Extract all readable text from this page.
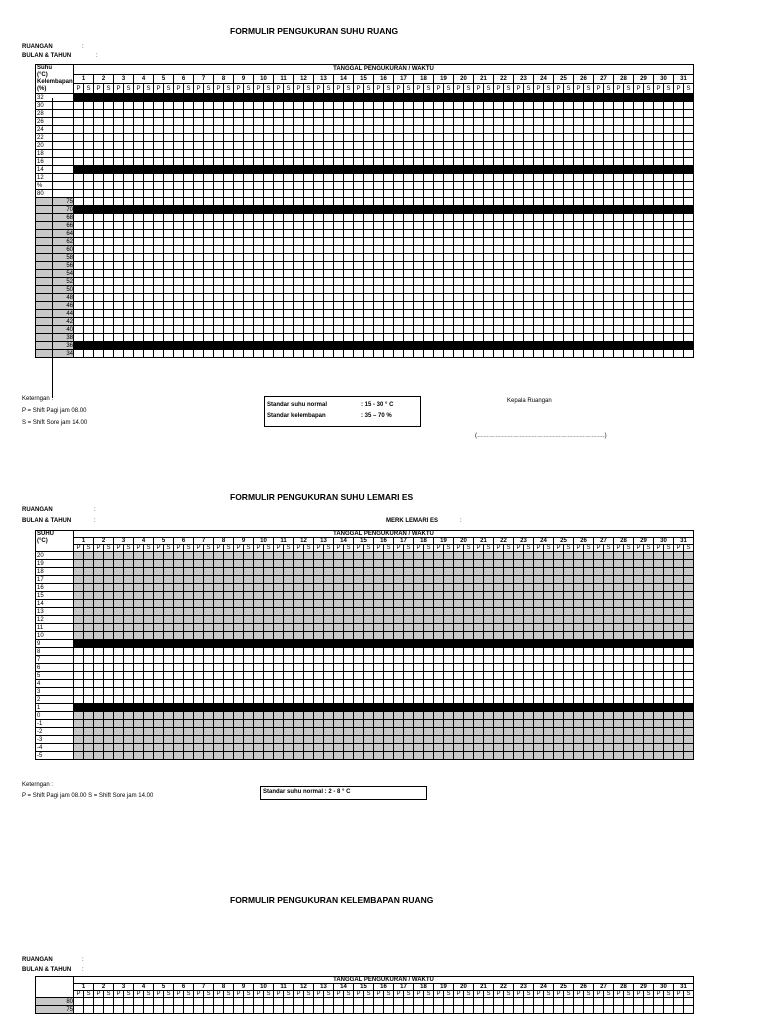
FORMULIR PENGUKURAN SUHU RUANG
RUANGAN	:
BULAN & TAHUN	:
Suhu
(°C)
Kelembapan
(%)	TANGGAL PENGUKURAN / WAKTU																																																													
	1		2		3		4		5		6		7		8		9		10		11		12		13		14		15		16		17		18		19		20		21		22		23		24		25		26		27		28		29		30		31	
	P	S	P	S	P	S	P	S	P	S	P	S	P	S	P	S	P	S	P	S	P	S	P	S	P	S	P	S	P	S	P	S	P	S	P	S	P	S	P	S	P	S	P	S	P	S	P	S	P	S	P	S	P	S	P	S	P	S	P	S	P	S
32																																																														
30																																																														
28																																																														
26																																																														
24																																																														
22																																																														
20																																																														
18																																																														
16																																																														
14																																																														
12																																																														
%																																																														
80																																																														
75																																																														
70																																																														
68																																																														
66																																																														
64																																																														
62																																																														
60																																																														
58																																																														
56																																																														
54																																																														
52																																																														
50																																																														
48																																																														
46																																																														
44																																																														
42																																																														
40																																																														
38																																																														
36																																																														
34																																																														
Keterngan :
P = Shift Pagi jam 08.00
S = Shift Sore jam 14.00
Standar suhu normal	: 15 - 30 ° C
Standar kelembapan	: 35 – 70 %
Kepala Ruangan
(……………………………………………………….)
FORMULIR PENGUKURAN SUHU LEMARI ES
RUANGAN	:
BULAN & TAHUN	:	MERK LEMARI ES	:
SUHU
(°C)	TANGGAL PENGUKURAN / WAKTU																																																													
	1		2		3		4		5		6		7		8		9		10		11		12		13		14		15		16		17		18		19		20		21		22		23		24		25		26		27		28		29		30		31	
	P	S	P	S	P	S	P	S	P	S	P	S	P	S	P	S	P	S	P	S	P	S	P	S	P	S	P	S	P	S	P	S	P	S	P	S	P	S	P	S	P	S	P	S	P	S	P	S	P	S	P	S	P	S	P	S	P	S	P	S	P	S
20																																																														
19																																																														
18																																																														
17																																																														
16																																																														
15																																																														
14																																																														
13																																																														
12																																																														
11																																																														
10																																																														
9																																																														
8																																																														
7																																																														
6																																																														
5																																																														
4																																																														
3																																																														
2																																																														
1																																																														
0																																																														
-1																																																														
-2																																																														
-3																																																														
-4																																																														
-5																																																														
Keterngan :
P = Shift Pagi jam 08.00 S = Shift Sore jam 14.00
Standar suhu normal : 2 - 8 ° C
FORMULIR PENGUKURAN KELEMBAPAN RUANG
RUANGAN	:
BULAN & TAHUN :
	TANGGAL PENGUKURAN / WAKTU																																																													
	1		2		3		4		5		6		7		8		9		10		11		12		13		14		15		16		17		18		19		20		21		22		23		24		25		26		27		28		29		30		31	
	P	S	P	S	P	S	P	S	P	S	P	S	P	S	P	S	P	S	P	S	P	S	P	S	P	S	P	S	P	S	P	S	P	S	P	S	P	S	P	S	P	S	P	S	P	S	P	S	P	S	P	S	P	S	P	S	P	S	P	S	P	S
80																																																														
75																																																														
